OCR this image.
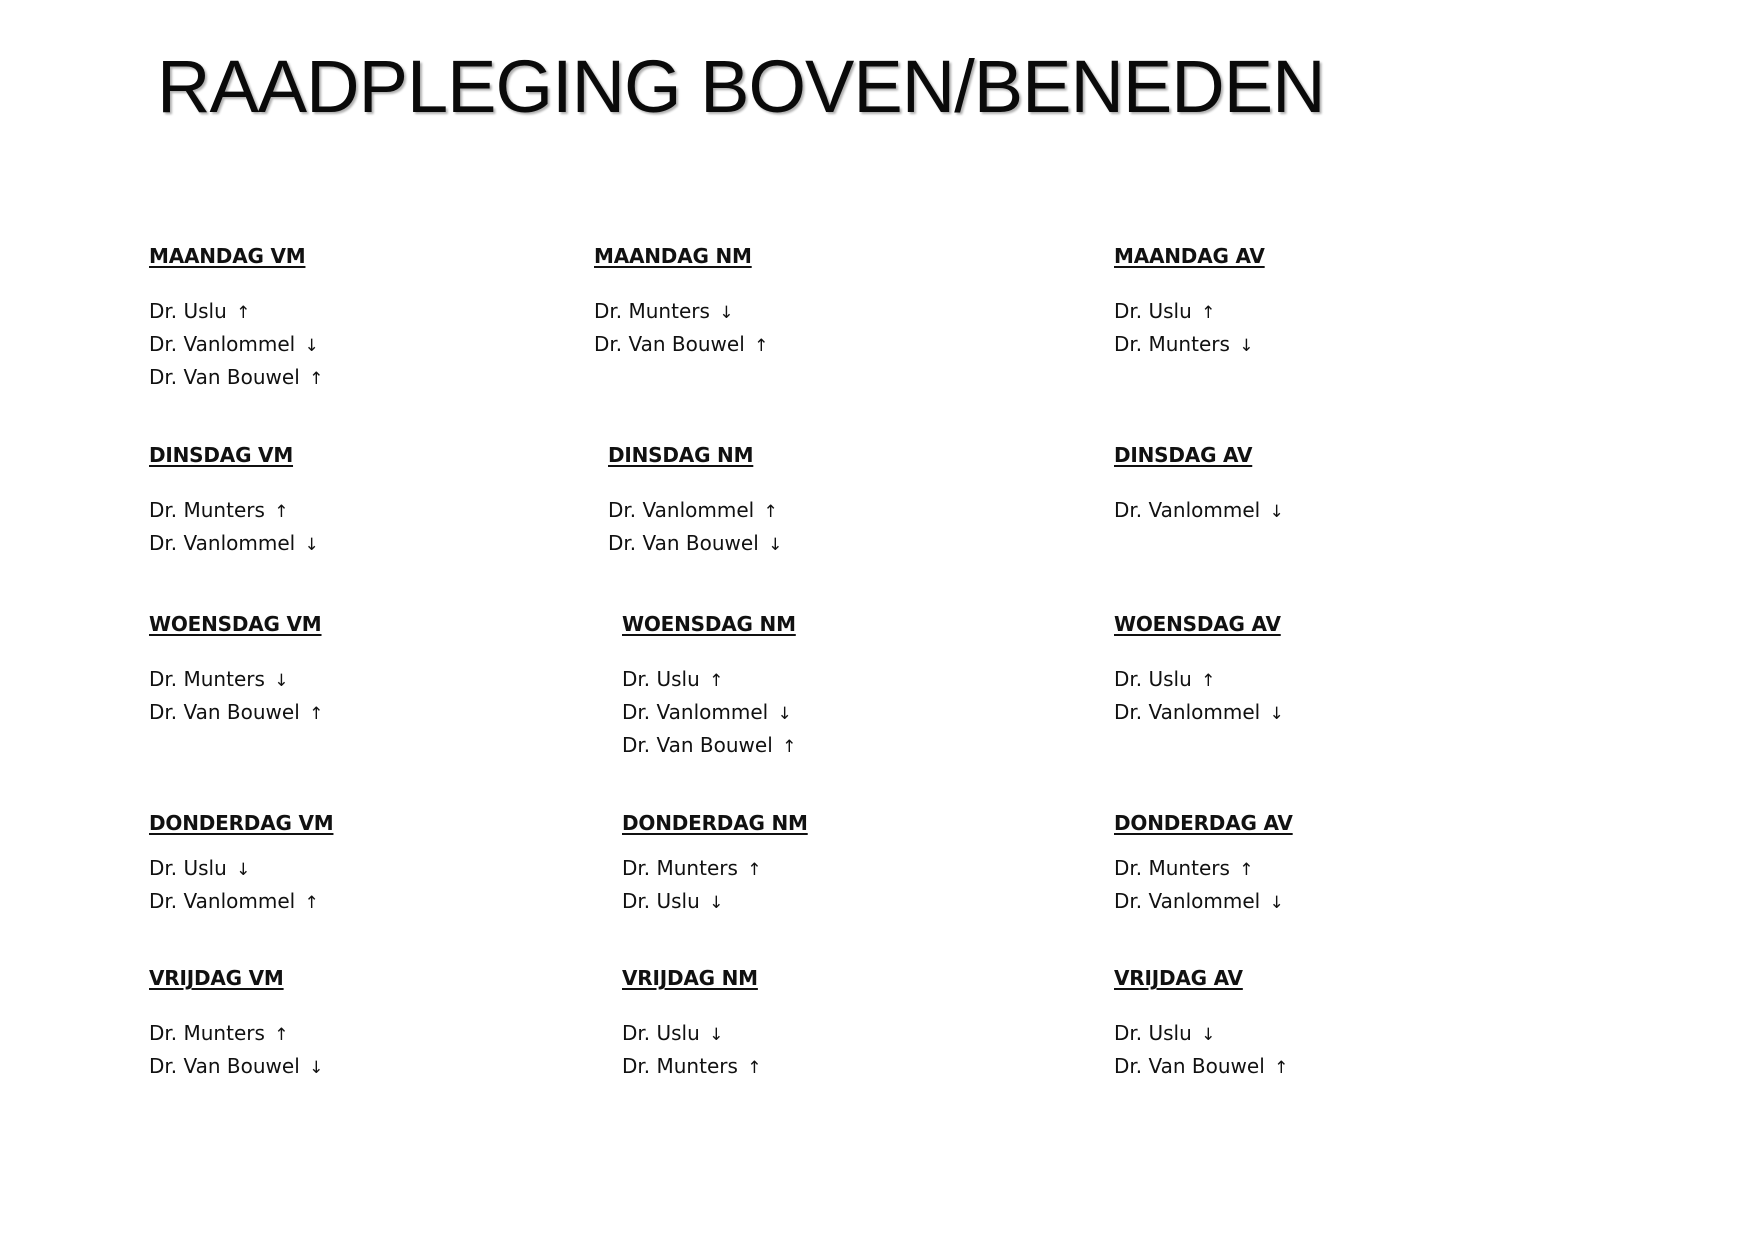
RAADPLEGING BOVEN/BENEDEN
MAANDAG VM
Dr. Uslu ↑
Dr. Vanlommel ↓
Dr. Van Bouwel ↑
MAANDAG NM
Dr. Munters ↓
Dr. Van Bouwel ↑
MAANDAG AV
Dr. Uslu ↑
Dr. Munters ↓
DINSDAG VM
Dr. Munters ↑
Dr. Vanlommel ↓
DINSDAG NM
Dr. Vanlommel ↑
Dr. Van Bouwel ↓
DINSDAG AV
Dr. Vanlommel ↓
WOENSDAG VM
Dr. Munters ↓
Dr. Van Bouwel ↑
WOENSDAG NM
Dr. Uslu ↑
Dr. Vanlommel ↓
Dr. Van Bouwel ↑
WOENSDAG AV
Dr. Uslu ↑
Dr. Vanlommel ↓
DONDERDAG VM
Dr. Uslu ↓
Dr. Vanlommel ↑
DONDERDAG NM
Dr. Munters ↑
Dr. Uslu ↓
DONDERDAG AV
Dr. Munters ↑
Dr. Vanlommel ↓
VRIJDAG VM
Dr. Munters ↑
Dr. Van Bouwel ↓
VRIJDAG NM
Dr. Uslu ↓
Dr. Munters ↑
VRIJDAG AV
Dr. Uslu ↓
Dr. Van Bouwel ↑
